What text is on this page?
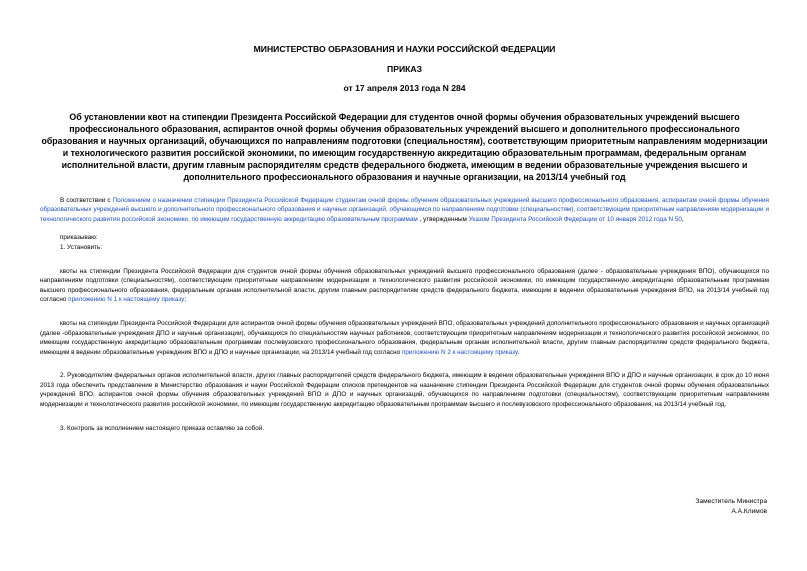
МИНИСТЕРСТВО ОБРАЗОВАНИЯ И НАУКИ РОССИЙСКОЙ ФЕДЕРАЦИИ
ПРИКАЗ
от 17 апреля 2013 года N 284
Об установлении квот на стипендии Президента Российской Федерации для студентов очной формы обучения образовательных учреждений высшего профессионального образования, аспирантов очной формы обучения образовательных учреждений высшего и дополнительного профессионального образования и научных организаций, обучающихся по направлениям подготовки (специальностям), соответствующим приоритетным направлениям модернизации и технологического развития российской экономики, по имеющим государственную аккредитацию образовательным программам, федеральным органам исполнительной власти, другим главным распорядителям средств федерального бюджета, имеющим в ведении образовательные учреждения высшего и дополнительного профессионального образования и научные организации, на 2013/14 учебный год

В соответствии с Положением о назначении стипендии Президента Российской Федерации студентам очной формы обучения образовательных учреждений высшего профессионального образования, аспирантам очной формы обучения образовательных учреждений высшего и дополнительного профессионального образования и научных организаций, обучающимся по направлениям подготовки (специальностям), соответствующим приоритетным направлениям модернизации и технологического развития российской экономики, по имеющим государственную аккредитацию образовательным программам , утвержденным Указом Президента Российской Федерации от 10 января 2012 года N 50,

приказываю:

1. Установить:

квоты на стипендии Президента Российской Федерации для студентов очной формы обучения образовательных учреждений высшего профессионального образования (далее - образовательные учреждения ВПО), обучающихся по направлениям подготовки (специальностям), соответствующим приоритетным направлениям модернизации и технологического развития российской экономики, по имеющим государственную аккредитацию образовательным программам высшего профессионального образования, федеральным органам исполнительной власти, другим главным распорядителям средств федерального бюджета, имеющим в ведении образовательные учреждения ВПО, на 2013/14 учебный год согласно приложению N 1 к настоящему приказу;

квоты на стипендии Президента Российской Федерации для аспирантов очной формы обучения образовательных учреждений ВПО, образовательных учреждений дополнительного профессионального образования и научных организаций (далее -образовательные учреждения ДПО и научные организации), обучающихся по специальностям научных работников, соответствующим приоритетным направлениям модернизации и технологического развития российской экономики, по имеющим государственную аккредитацию образовательным программам послевузовского профессионального образования, федеральным органам исполнительной власти, другим главным распорядителям средств федерального бюджета, имеющим в ведении образовательные учреждения ВПО и ДПО и научные организации, на 2013/14 учебный год согласно приложению N 2 к настоящему приказу.

2. Руководителям федеральных органов исполнительной власти, других главных распорядителей средств федерального бюджета, имеющим в ведении образовательные учреждения ВПО и ДПО и научные организации, в срок до 10 июня 2013 года обеспечить представление в Министерство образования и науки Российской Федерации списков претендентов на назначение стипендии Президента Российской Федерации для студентов очной формы обучения образовательных учреждений ВПО, аспирантов очной формы обучения образовательных учреждений ВПО и ДПО и научных организаций, обучающихся по направлениям подготовки (специальностям), соответствующим приоритетным направлениям модернизации и технологического развития российской экономики, по имеющим государственную аккредитацию образовательным программам высшего и послевузовского профессионального образования, на 2013/14 учебный год.

3. Контроль за исполнением настоящего приказа оставляю за собой.

Заместитель Министра
А.А.Климов
